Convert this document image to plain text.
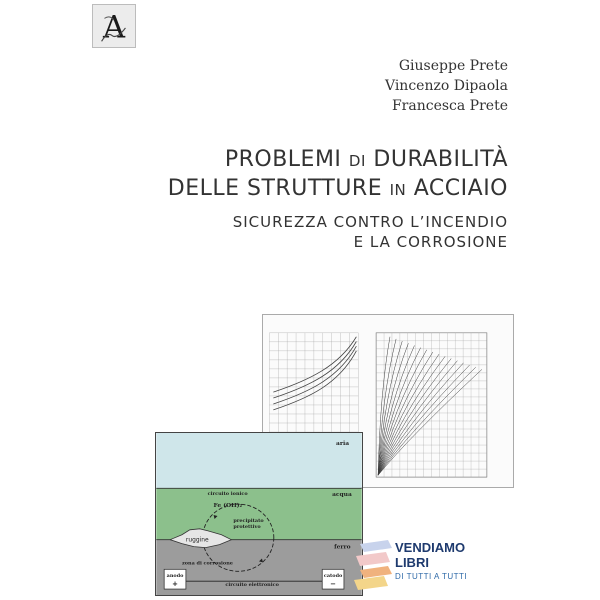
A
Giuseppe Prete
Vincenzo Dipaola
Francesca Prete
PROBLEMI DI DURABILITÀ
DELLE STRUTTURE IN ACCIAIO
SICUREZZA CONTRO L’INCENDIO
E LA CORROSIONE
aria
acqua
ferro
circuito ionico
Fe (OH)₂
precipitato
protettivo
ruggine
zona di corrosione
circuito elettronico
anodo
+
catodo
−
VENDIAMO
LIBRI
DI TUTTI A TUTTI
